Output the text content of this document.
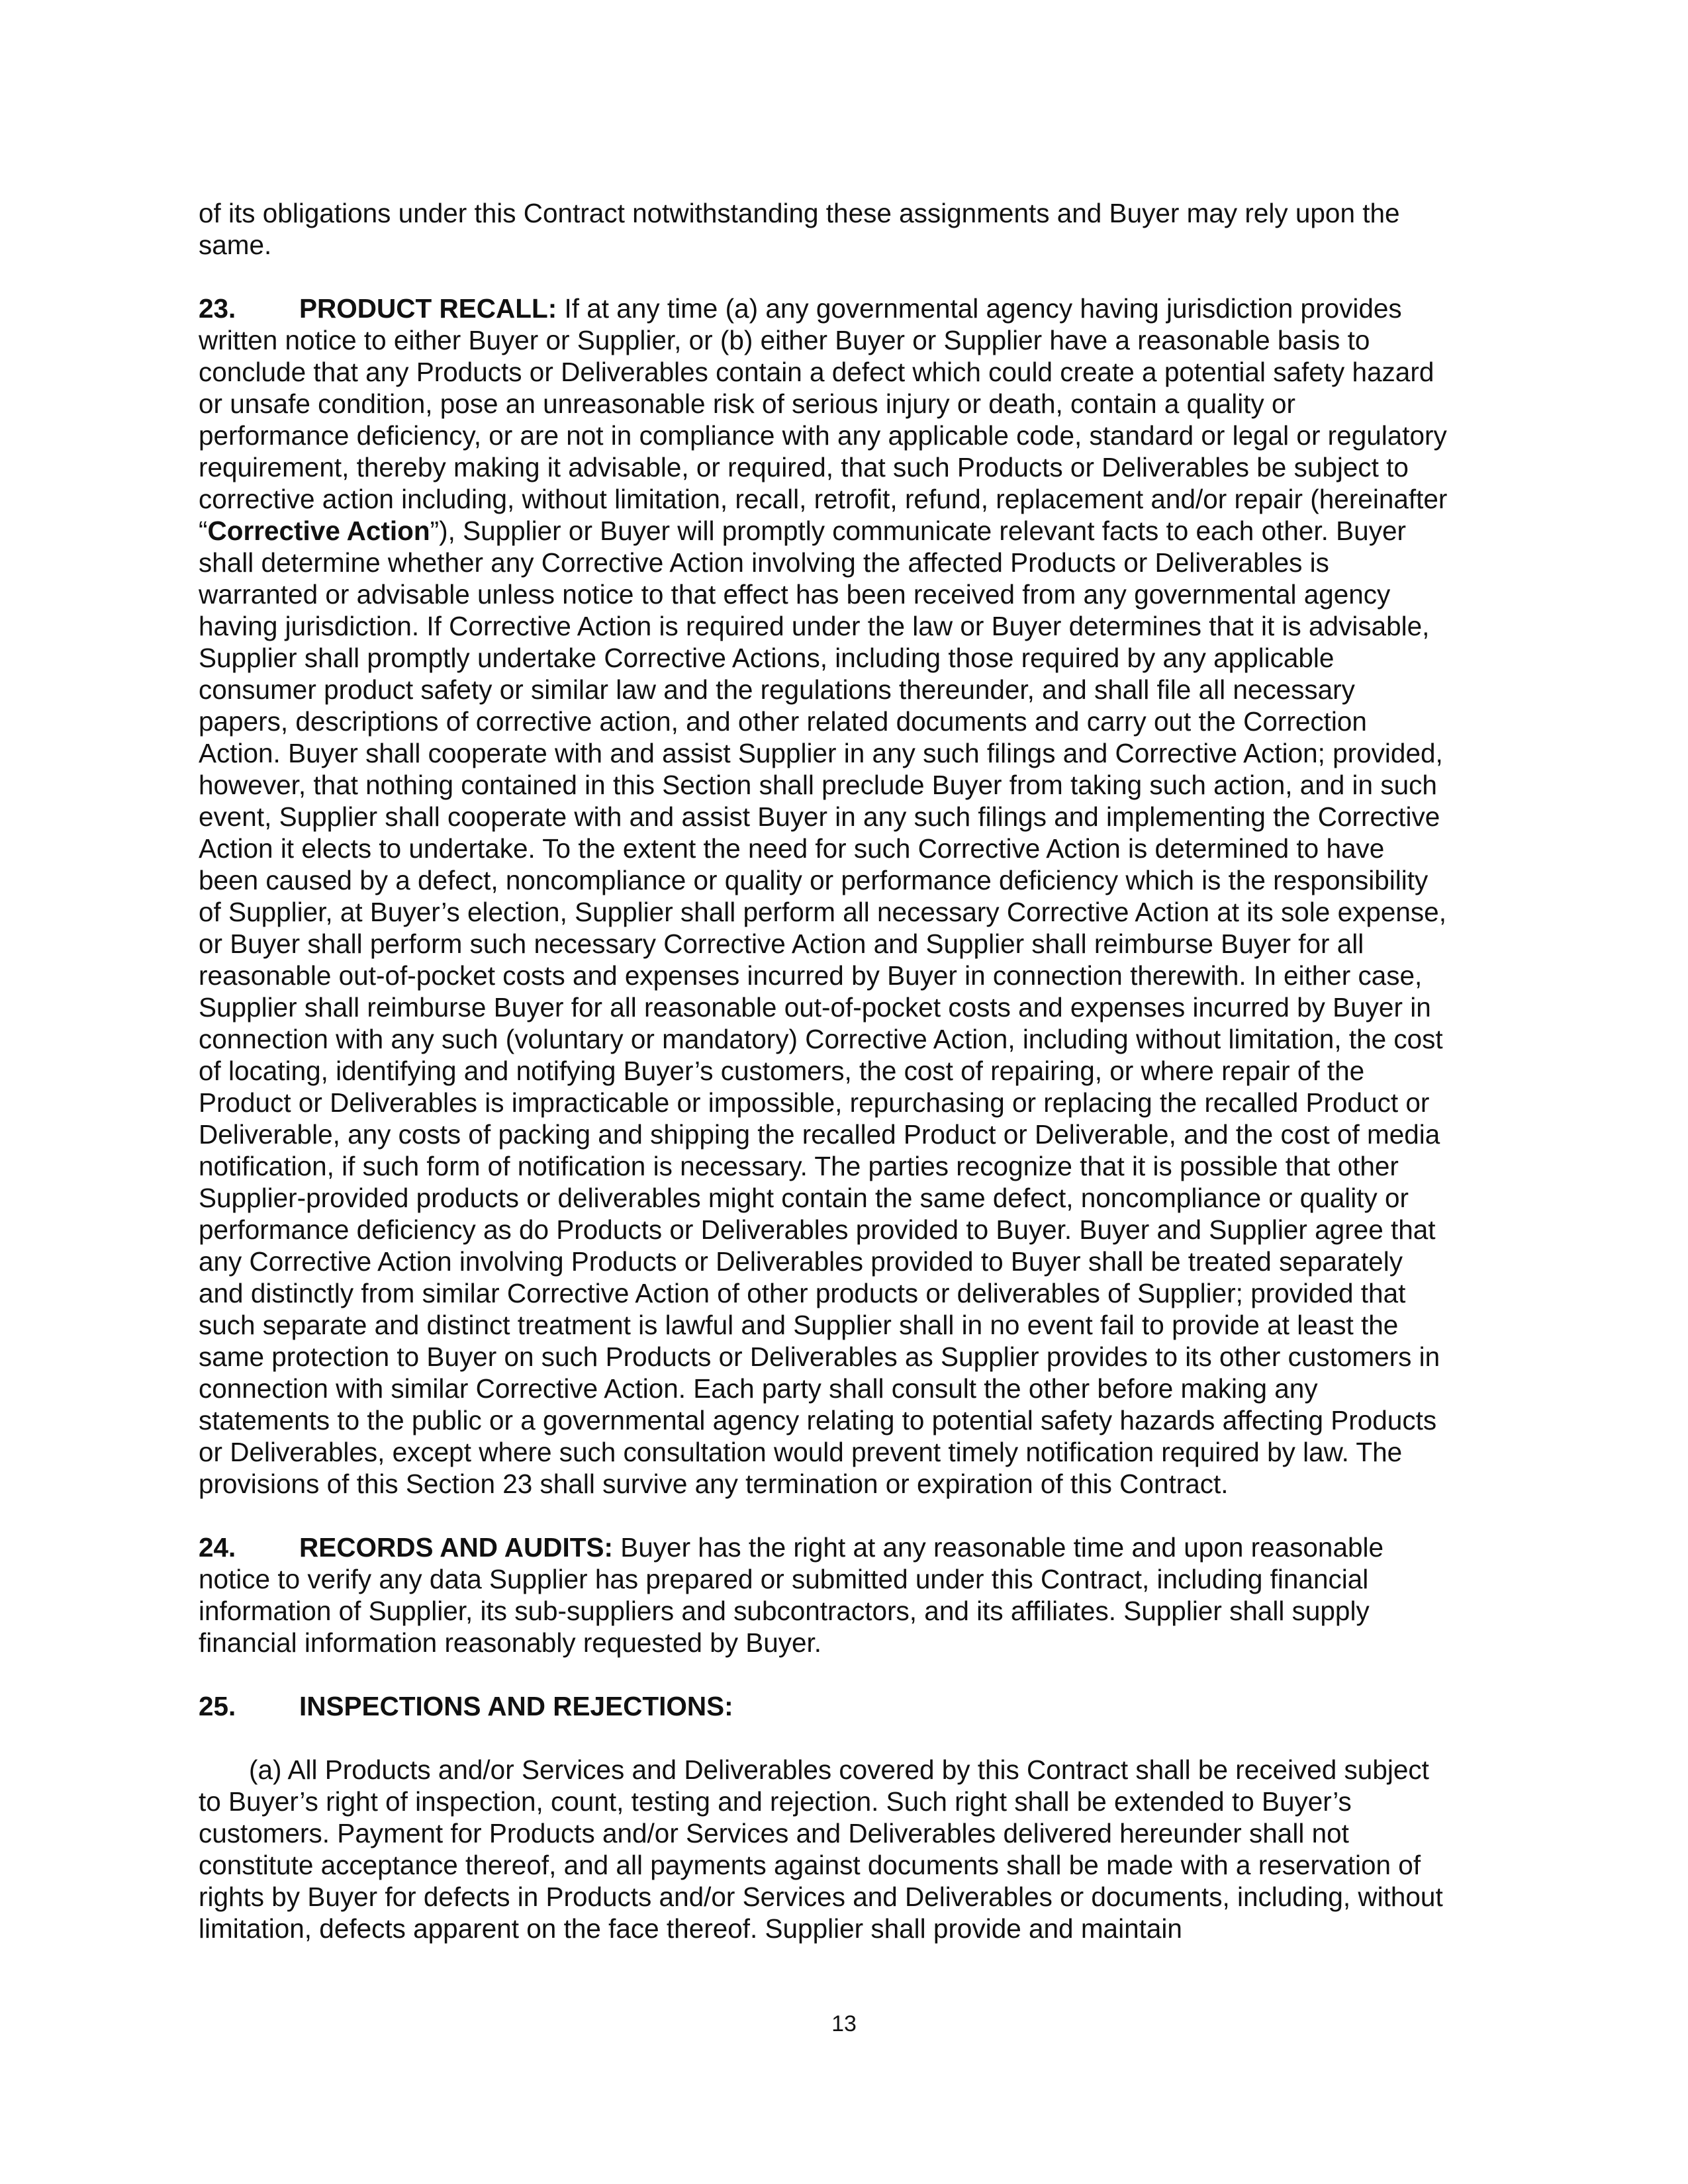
of its obligations under this Contract notwithstanding these assignments and Buyer may rely upon the same.

23. PRODUCT RECALL: If at any time (a) any governmental agency having jurisdiction provides written notice to either Buyer or Supplier, or (b) either Buyer or Supplier have a reasonable basis to conclude that any Products or Deliverables contain a defect which could create a potential safety hazard or unsafe condition, pose an unreasonable risk of serious injury or death, contain a quality or performance deficiency, or are not in compliance with any applicable code, standard or legal or regulatory requirement, thereby making it advisable, or required, that such Products or Deliverables be subject to corrective action including, without limitation, recall, retrofit, refund, replacement and/or repair (hereinafter “Corrective Action”), Supplier or Buyer will promptly communicate relevant facts to each other. Buyer shall determine whether any Corrective Action involving the affected Products or Deliverables is warranted or advisable unless notice to that effect has been received from any governmental agency having jurisdiction. If Corrective Action is required under the law or Buyer determines that it is advisable, Supplier shall promptly undertake Corrective Actions, including those required by any applicable consumer product safety or similar law and the regulations thereunder, and shall file all necessary papers, descriptions of corrective action, and other related documents and carry out the Correction Action. Buyer shall cooperate with and assist Supplier in any such filings and Corrective Action; provided, however, that nothing contained in this Section shall preclude Buyer from taking such action, and in such event, Supplier shall cooperate with and assist Buyer in any such filings and implementing the Corrective Action it elects to undertake. To the extent the need for such Corrective Action is determined to have been caused by a defect, noncompliance or quality or performance deficiency which is the responsibility of Supplier, at Buyer’s election, Supplier shall perform all necessary Corrective Action at its sole expense, or Buyer shall perform such necessary Corrective Action and Supplier shall reimburse Buyer for all reasonable out-of-pocket costs and expenses incurred by Buyer in connection therewith. In either case, Supplier shall reimburse Buyer for all reasonable out-of-pocket costs and expenses incurred by Buyer in connection with any such (voluntary or mandatory) Corrective Action, including without limitation, the cost of locating, identifying and notifying Buyer’s customers, the cost of repairing, or where repair of the Product or Deliverables is impracticable or impossible, repurchasing or replacing the recalled Product or Deliverable, any costs of packing and shipping the recalled Product or Deliverable, and the cost of media notification, if such form of notification is necessary. The parties recognize that it is possible that other Supplier-provided products or deliverables might contain the same defect, noncompliance or quality or performance deficiency as do Products or Deliverables provided to Buyer. Buyer and Supplier agree that any Corrective Action involving Products or Deliverables provided to Buyer shall be treated separately and distinctly from similar Corrective Action of other products or deliverables of Supplier; provided that such separate and distinct treatment is lawful and Supplier shall in no event fail to provide at least the same protection to Buyer on such Products or Deliverables as Supplier provides to its other customers in connection with similar Corrective Action. Each party shall consult the other before making any statements to the public or a governmental agency relating to potential safety hazards affecting Products or Deliverables, except where such consultation would prevent timely notification required by law. The provisions of this Section 23 shall survive any termination or expiration of this Contract.

24. RECORDS AND AUDITS: Buyer has the right at any reasonable time and upon reasonable notice to verify any data Supplier has prepared or submitted under this Contract, including financial information of Supplier, its sub-suppliers and subcontractors, and its affiliates. Supplier shall supply financial information reasonably requested by Buyer.

25. INSPECTIONS AND REJECTIONS:

(a) All Products and/or Services and Deliverables covered by this Contract shall be received subject to Buyer’s right of inspection, count, testing and rejection. Such right shall be extended to Buyer’s customers. Payment for Products and/or Services and Deliverables delivered hereunder shall not constitute acceptance thereof, and all payments against documents shall be made with a reservation of rights by Buyer for defects in Products and/or Services and Deliverables or documents, including, without limitation, defects apparent on the face thereof. Supplier shall provide and maintain

13
